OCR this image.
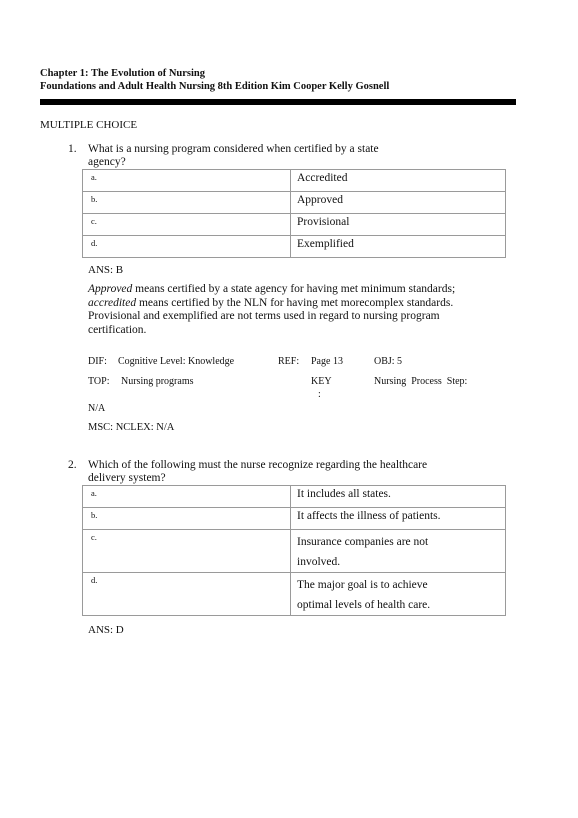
Chapter 1: The Evolution of Nursing
Foundations and Adult Health Nursing 8th Edition Kim Cooper Kelly Gosnell
MULTIPLE CHOICE
1. What is a nursing program considered when certified by a state
agency?
a.	Accredited
b.	Approved
c.	Provisional
d.	Exemplified
ANS: B
Approved means certified by a state agency for having met minimum standards;
accredited means certified by the NLN for having met morecomplex standards.
Provisional and exemplified are not terms used in regard to nursing program
certification.
DIF: Cognitive Level: Knowledge	REF: Page 13	OBJ: 5
TOP: Nursing programs	KEY
:
Nursing  Process  Step:
N/A
MSC: NCLEX: N/A
2. Which of the following must the nurse recognize regarding the healthcare
delivery system?
a.	It includes all states.
b.	It affects the illness of patients.
c.	Insurance companies are not
involved.
d.	The major goal is to achieve
optimal levels of health care.
ANS: D
